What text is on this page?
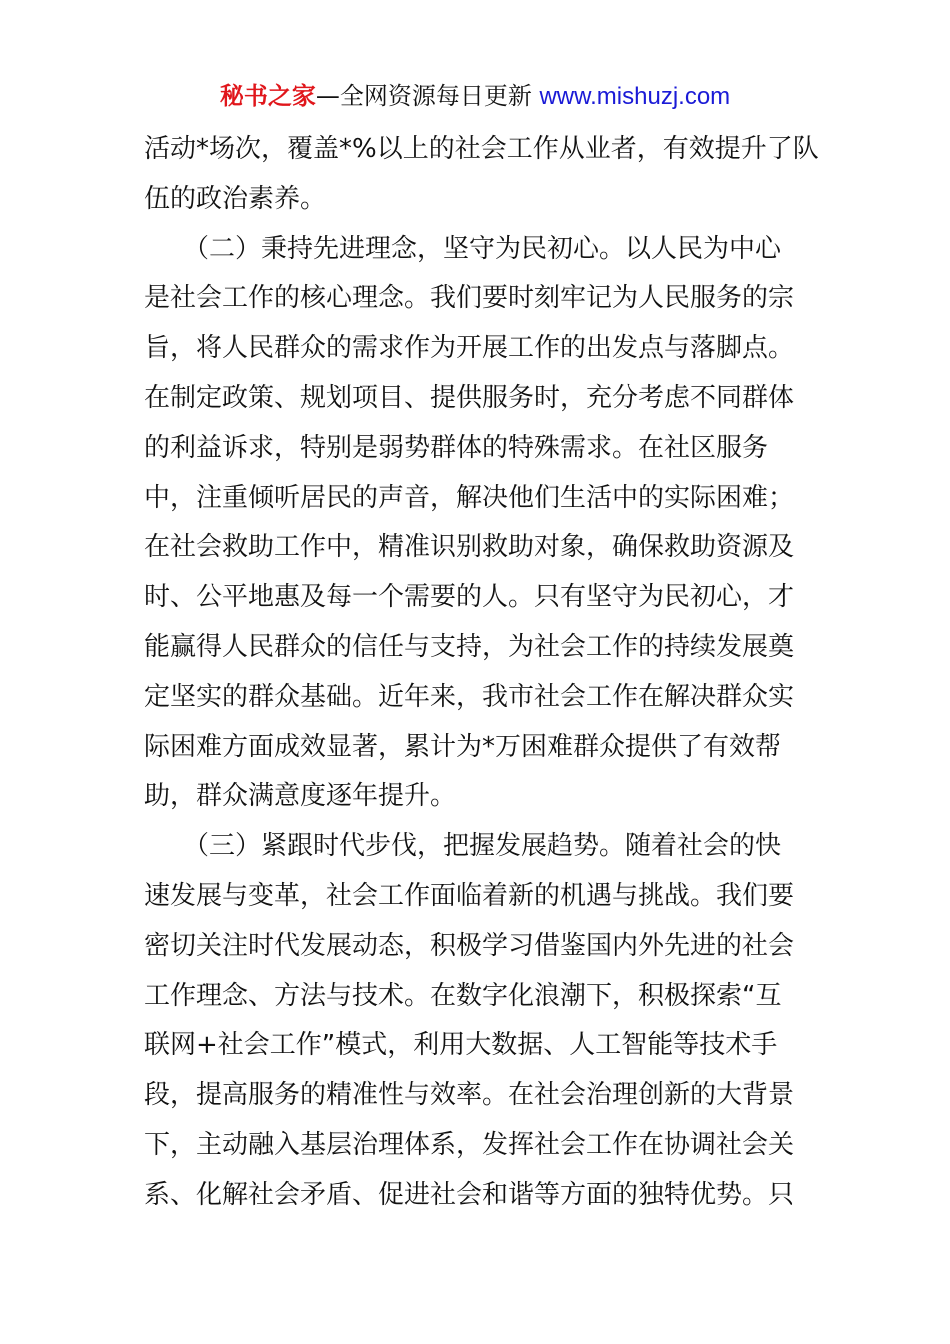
秘书之家—全网资源每日更新 www.mishuzj.com
活动*场次，覆盖*%以上的社会工作从业者，有效提升了队
伍的政治素养。
　　（二）秉持先进理念，坚守为民初心。以人民为中心
是社会工作的核心理念。我们要时刻牢记为人民服务的宗
旨，将人民群众的需求作为开展工作的出发点与落脚点。
在制定政策、规划项目、提供服务时，充分考虑不同群体
的利益诉求，特别是弱势群体的特殊需求。在社区服务
中，注重倾听居民的声音，解决他们生活中的实际困难；
在社会救助工作中，精准识别救助对象，确保救助资源及
时、公平地惠及每一个需要的人。只有坚守为民初心，才
能赢得人民群众的信任与支持，为社会工作的持续发展奠
定坚实的群众基础。近年来，我市社会工作在解决群众实
际困难方面成效显著，累计为*万困难群众提供了有效帮
助，群众满意度逐年提升。
　　（三）紧跟时代步伐，把握发展趋势。随着社会的快
速发展与变革，社会工作面临着新的机遇与挑战。我们要
密切关注时代发展动态，积极学习借鉴国内外先进的社会
工作理念、方法与技术。在数字化浪潮下，积极探索“互
联网+社会工作”模式，利用大数据、人工智能等技术手
段，提高服务的精准性与效率。在社会治理创新的大背景
下，主动融入基层治理体系，发挥社会工作在协调社会关
系、化解社会矛盾、促进社会和谐等方面的独特优势。只
